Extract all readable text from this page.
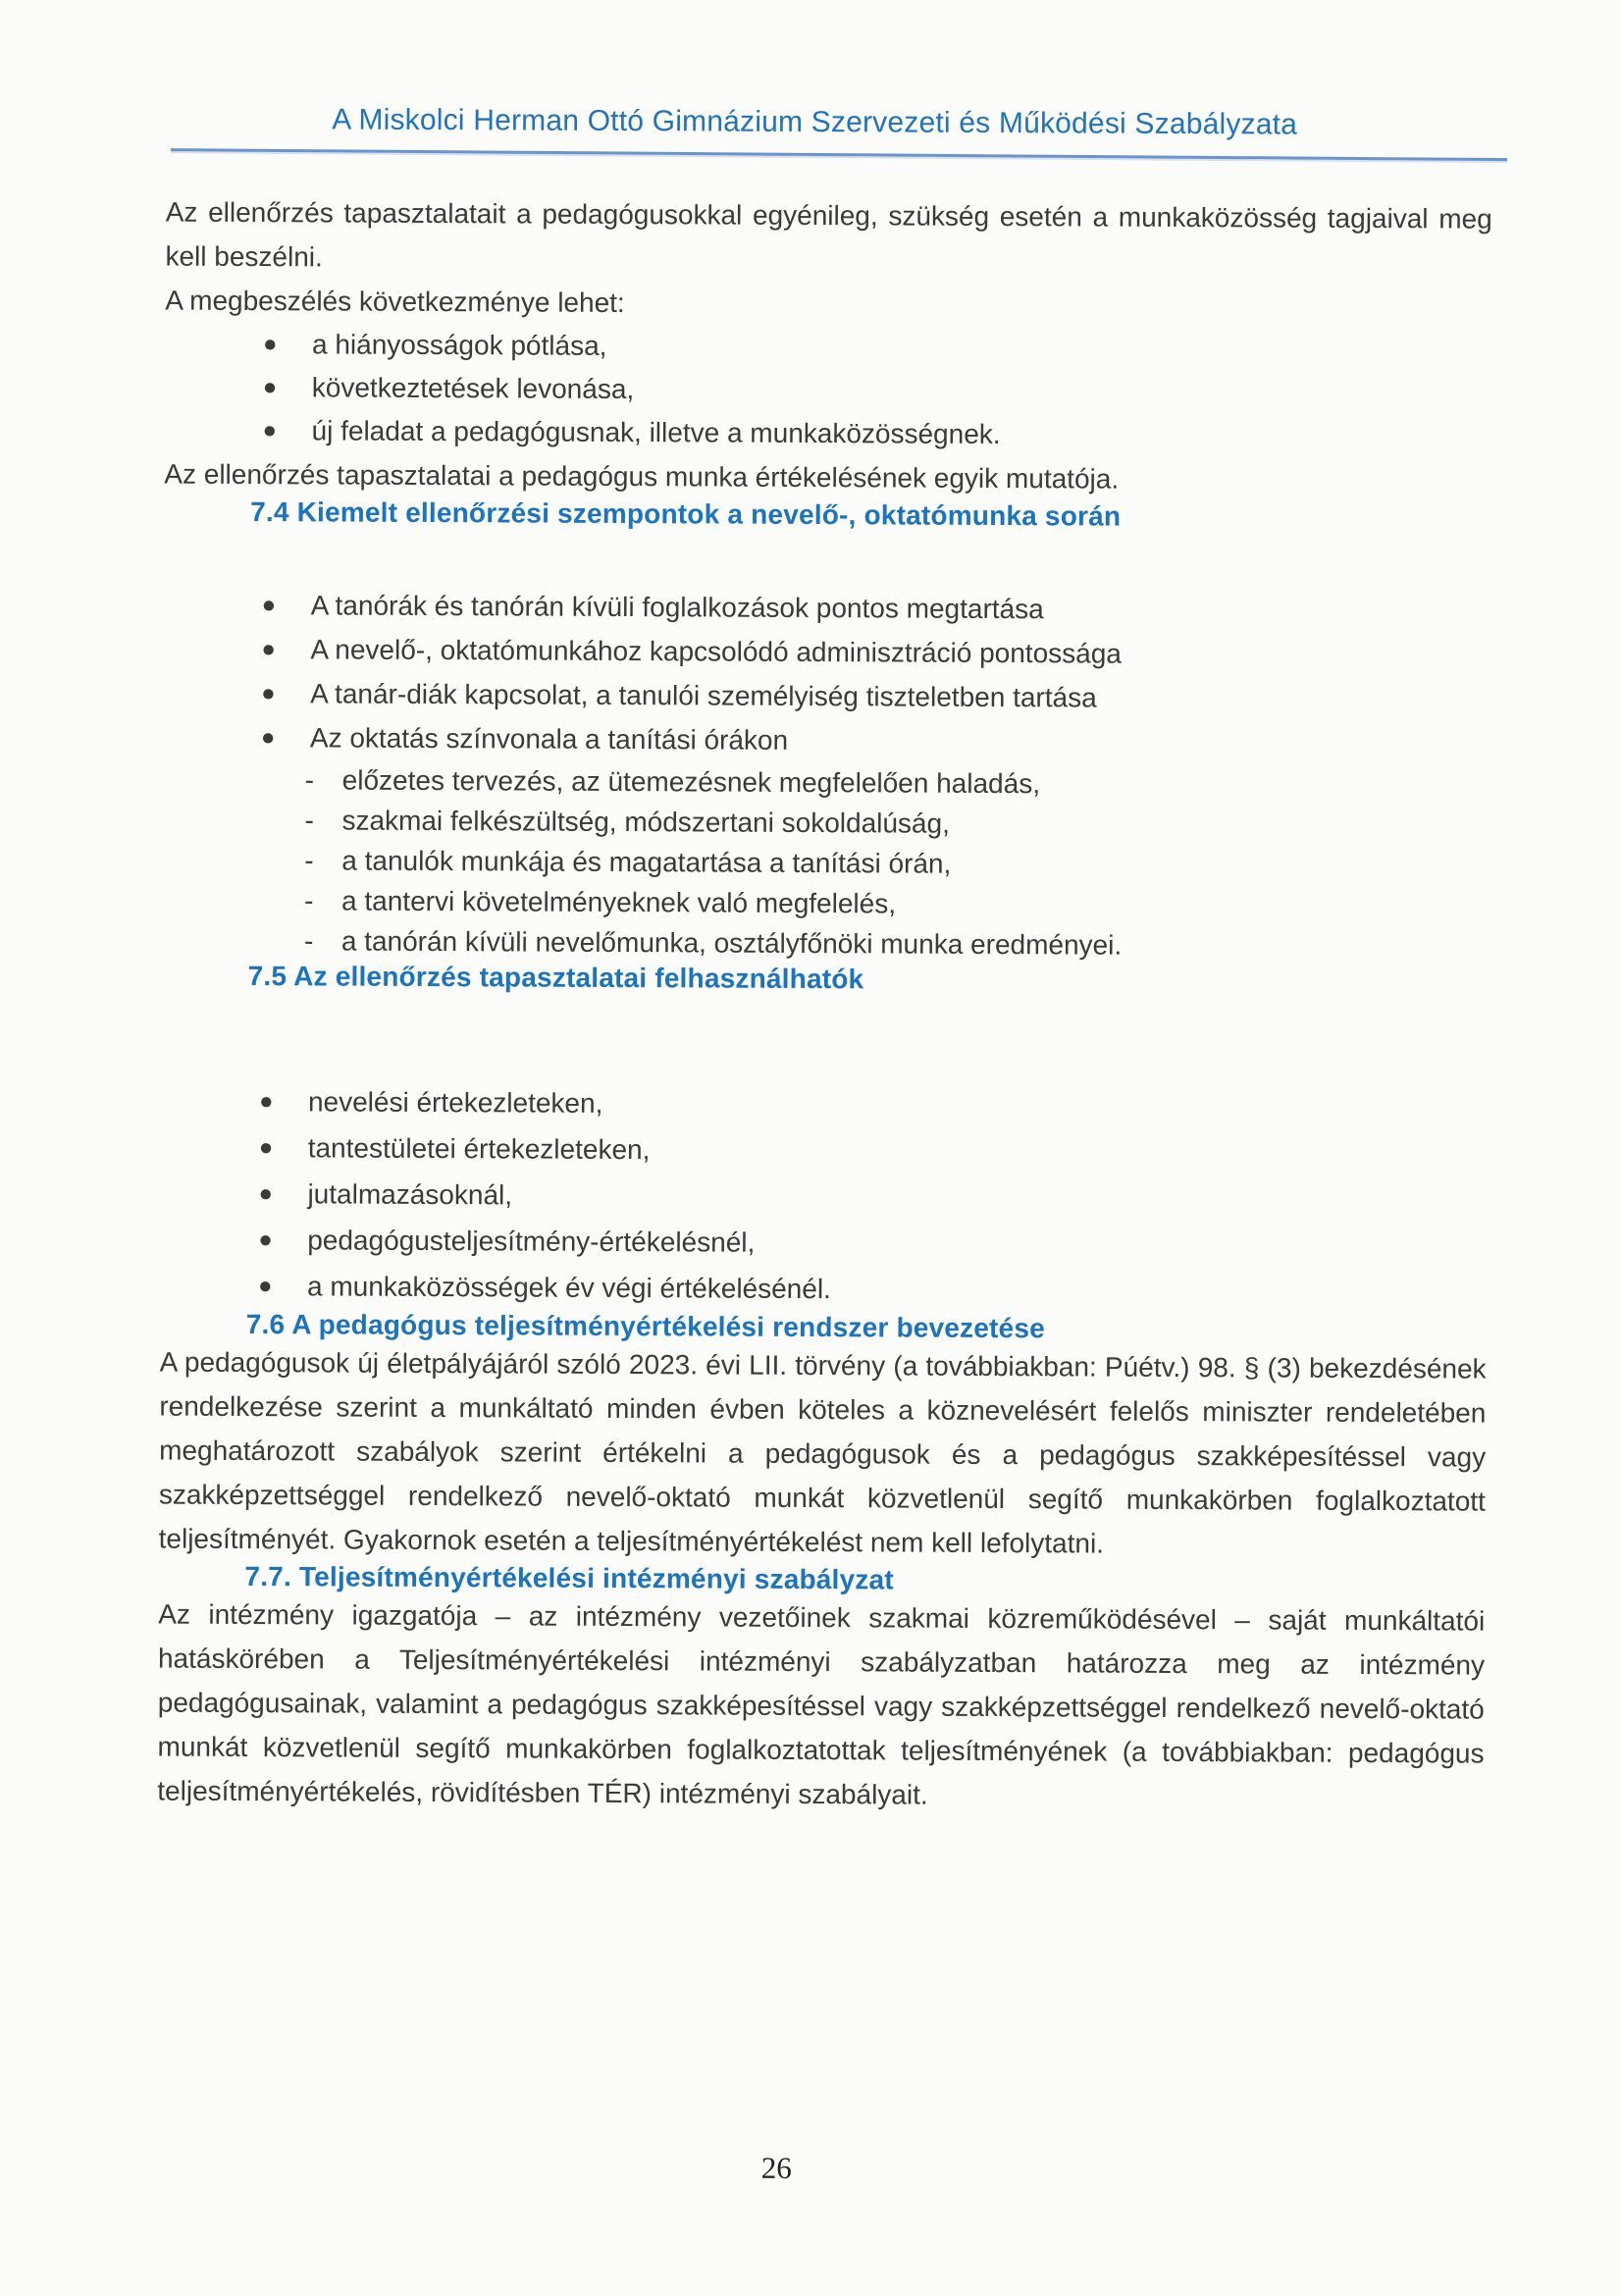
A Miskolci Herman Ottó Gimnázium Szervezeti és Működési Szabályzata

Az ellenőrzés tapasztalatait a pedagógusokkal egyénileg, szükség esetén a munkaközösség tagjaival meg kell beszélni.

A megbeszélés következménye lehet:

●	a hiányosságok pótlása,
●	következtetések levonása,
●	új feladat a pedagógusnak, illetve a munkaközösségnek.

Az ellenőrzés tapasztalatai a pedagógus munka értékelésének egyik mutatója.

7.4 Kiemelt ellenőrzési szempontok a nevelő-, oktatómunka során
●	A tanórák és tanórán kívüli foglalkozások pontos megtartása
●	A nevelő-, oktatómunkához kapcsolódó adminisztráció pontossága
●	A tanár-diák kapcsolat, a tanulói személyiség tiszteletben tartása
●	Az oktatás színvonala a tanítási órákon
-	előzetes tervezés, az ütemezésnek megfelelően haladás,
-	szakmai felkészültség, módszertani sokoldalúság,
-	a tanulók munkája és magatartása a tanítási órán,
-	a tantervi követelményeknek való megfelelés,
-	a tanórán kívüli nevelőmunka, osztályfőnöki munka eredményei.
7.5 Az ellenőrzés tapasztalatai felhasználhatók
●	nevelési értekezleteken,
●	tantestületei értekezleteken,
●	jutalmazásoknál,
●	pedagógusteljesítmény-értékelésnél,
●	a munkaközösségek év végi értékelésénél.
7.6 A pedagógus teljesítményértékelési rendszer bevezetése

A pedagógusok új életpályájáról szóló 2023. évi LII. törvény (a továbbiakban: Púétv.) 98. § (3) bekezdésének rendelkezése szerint a munkáltató minden évben köteles a köznevelésért felelős miniszter rendeletében meghatározott szabályok szerint értékelni a pedagógusok és a pedagógus szakképesítéssel vagy szakképzettséggel rendelkező nevelő-oktató munkát közvetlenül segítő munkakörben foglalkoztatott teljesítményét. Gyakornok esetén a teljesítményértékelést nem kell lefolytatni.

7.7. Teljesítményértékelési intézményi szabályzat

Az intézmény igazgatója – az intézmény vezetőinek szakmai közreműködésével – saját munkáltatói hatáskörében a Teljesítményértékelési intézményi szabályzatban határozza meg az intézmény pedagógusainak, valamint a pedagógus szakképesítéssel vagy szakképzettséggel rendelkező nevelő-oktató munkát közvetlenül segítő munkakörben foglalkoztatottak teljesítményének (a továbbiakban: pedagógus teljesítményértékelés, rövidítésben TÉR) intézményi szabályait.

26
